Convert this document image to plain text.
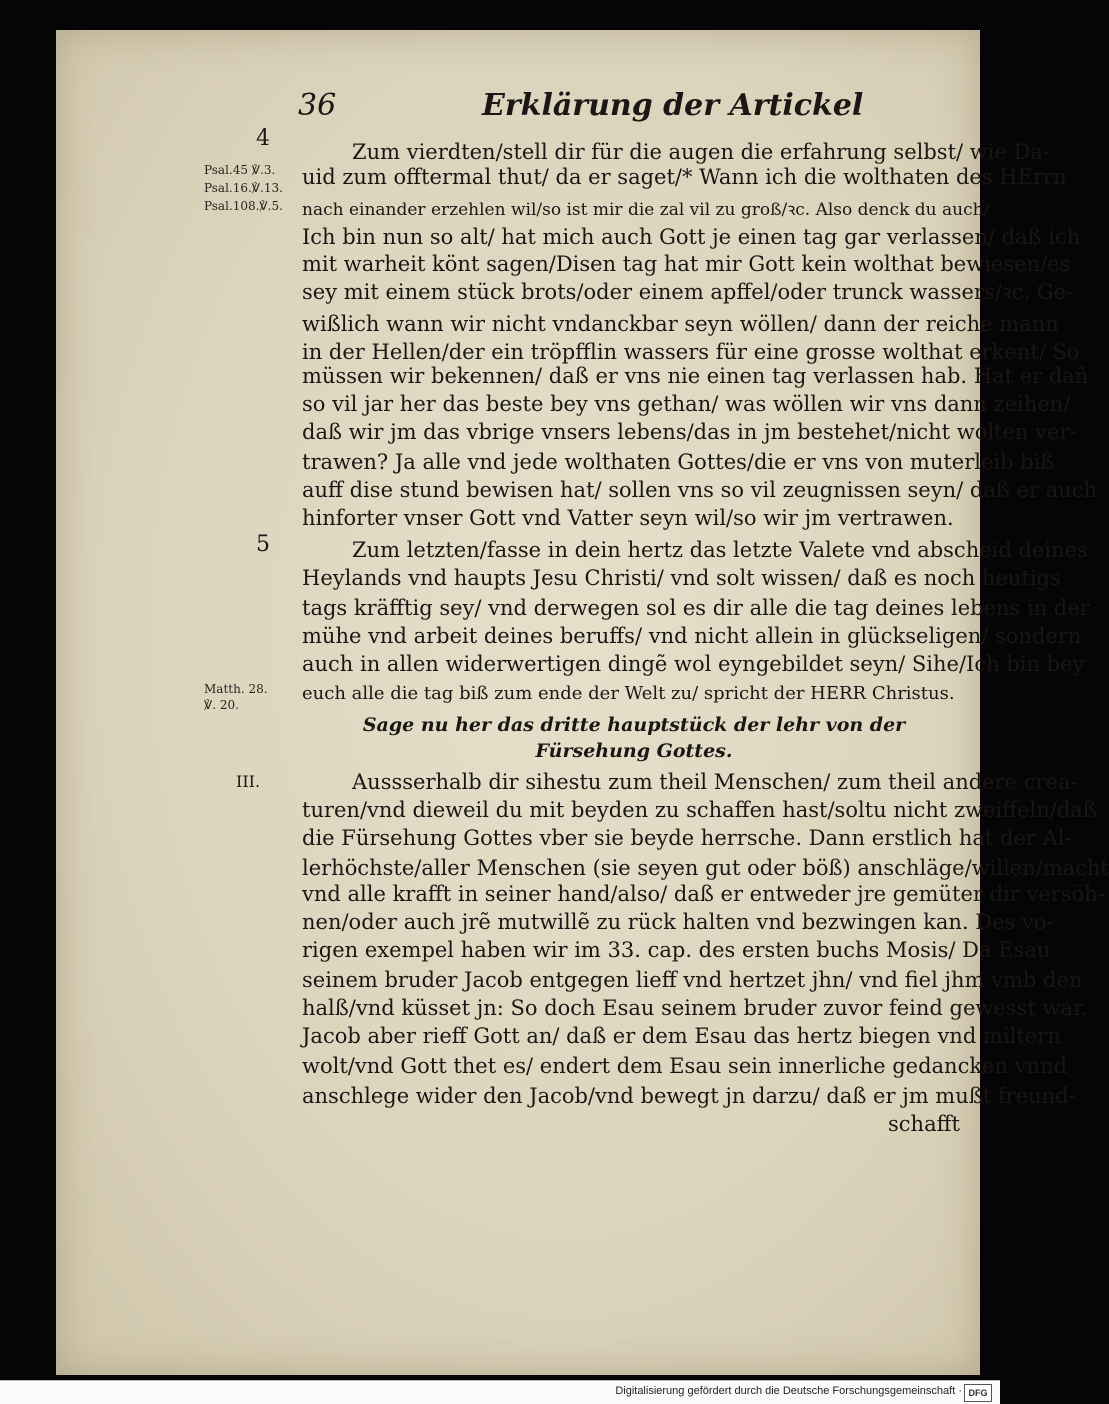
36	Erklärung der Artickel
4
5
III.
Psal.45 ℣.3.
Psal.16.℣.13.
Psal.108.℣.5.
Matth. 28.
℣. 20.
Zum vierdten/stell dir für die augen die erfahrung selbst/ wie Da‑
uid zum offtermal thut/ da er saget/* Wann ich die wolthaten des HErrn
nach einander erzehlen wil/so ist mir die zal vil zu groß/ꝛc. Also denck du auch/
Ich bin nun so alt/ hat mich auch Gott je einen tag gar verlassen/ daß ich
mit warheit könt sagen/Disen tag hat mir Gott kein wolthat bewiesen/es
sey mit einem stück brots/oder einem apffel/oder trunck wassers/ꝛc. Ge‑
wißlich wann wir nicht vndanckbar seyn wöllen/ dann der reiche mann
in der Hellen/der ein tröpfflin wassers für eine grosse wolthat erkent/ So
müssen wir bekennen/ daß er vns nie einen tag verlassen hab. Hat er dañ
so vil jar her das beste bey vns gethan/ was wöllen wir vns dann zeihen/
daß wir jm das vbrige vnsers lebens/das in jm bestehet/nicht wolten ver‑
trawen? Ja alle vnd jede wolthaten Gottes/die er vns von muterleib biß
auff dise stund bewisen hat/ sollen vns so vil zeugnissen seyn/ daß er auch
hinforter vnser Gott vnd Vatter seyn wil/so wir jm vertrawen.
Zum letzten/fasse in dein hertz das letzte Valete vnd abscheid deines
Heylands vnd haupts Jesu Christi/ vnd solt wissen/ daß es noch heutigs
tags kräfftig sey/ vnd derwegen sol es dir alle die tag deines lebens in der
mühe vnd arbeit deines beruffs/ vnd nicht allein in glückseligen/ sondern
auch in allen widerwertigen dingẽ wol eyngebildet seyn/ Sihe/Ich bin bey
euch alle die tag biß zum ende der Welt zu/ spricht der HERR Christus.
Sage nu her das dritte hauptstück der lehr von der
Fürsehung Gottes.
Aussserhalb dir sihestu zum theil Menschen/ zum theil andere crea‑
turen/vnd dieweil du mit beyden zu schaffen hast/soltu nicht zweiffeln/daß
die Fürsehung Gottes vber sie beyde herrsche. Dann erstlich hat der Al‑
lerhöchste/aller Menschen (sie seyen gut oder böß) anschläge/willen/macht
vnd alle krafft in seiner hand/also/ daß er entweder jre gemüter dir versöh‑
nen/oder auch jrẽ mutwillẽ zu rück halten vnd bezwingen kan. Des vo‑
rigen exempel haben wir im 33. cap. des ersten buchs Mosis/ Da Esau
seinem bruder Jacob entgegen lieff vnd hertzet jhn/ vnd fiel jhm vmb den
halß/vnd küsset jn: So doch Esau seinem bruder zuvor feind gewesst war.
Jacob aber rieff Gott an/ daß er dem Esau das hertz biegen vnd miltern
wolt/vnd Gott thet es/ endert dem Esau sein innerliche gedancken vnnd
anschlege wider den Jacob/vnd bewegt jn darzu/ daß er jm mußt freund‑
schafft
Digitalisierung gefördert durch die Deutsche Forschungsgemeinschaft · DFG
